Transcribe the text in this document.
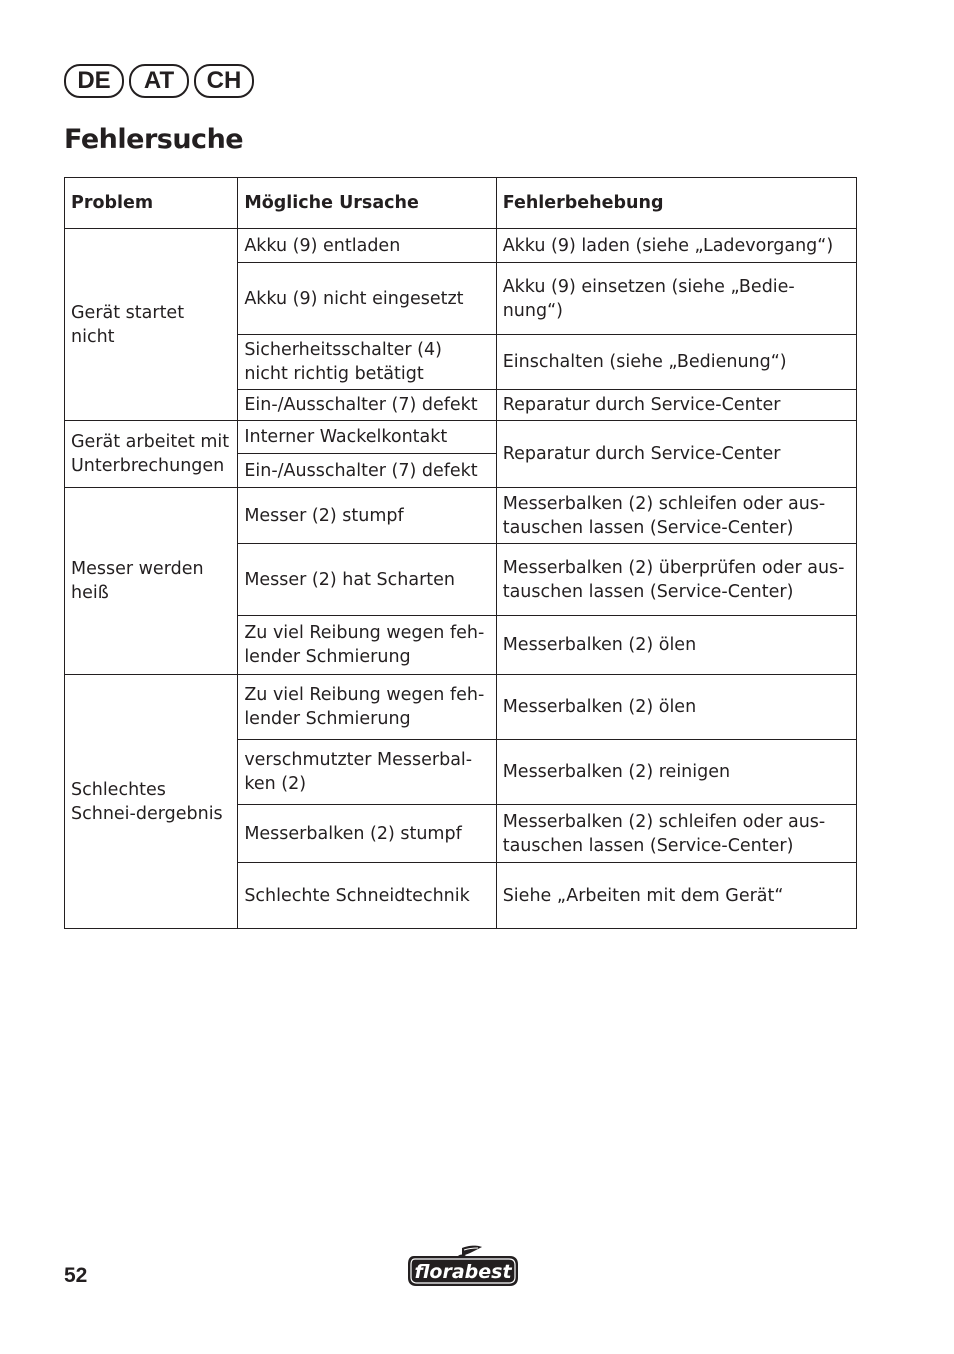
DE	AT	CH
Fehlersuche
Problem	Mögliche Ursache	Fehlerbehebung
Gerät startet nicht	Akku (9) entladen	Akku (9) laden (siehe „Ladevorgang“)
	Akku (9) nicht eingesetzt	Akku (9) einsetzen (siehe „Bedie-nung“)
	Sicherheitsschalter (4) nicht richtig betätigt	Einschalten (siehe „Bedienung“)
	Ein-/Ausschalter (7) defekt	Reparatur durch Service-Center
Gerät arbeitet mit Unterbrechungen	Interner Wackelkontakt	Reparatur durch Service-Center
	Ein-/Ausschalter (7) defekt	
Messer werden heiß	Messer (2) stumpf	Messerbalken (2) schleifen oder aus-tauschen lassen (Service-Center)
	Messer (2) hat Scharten	Messerbalken (2) überprüfen oder aus-tauschen lassen (Service-Center)
	Zu viel Reibung wegen feh-lender Schmierung	Messerbalken (2) ölen
Schlechtes Schnei-dergebnis	Zu viel Reibung wegen feh-lender Schmierung	Messerbalken (2) ölen
	verschmutzter Messerbal-ken (2)	Messerbalken (2) reinigen
	Messerbalken (2) stumpf	Messerbalken (2) schleifen oder aus-tauschen lassen (Service-Center)
	Schlechte Schneidtechnik	Siehe „Arbeiten mit dem Gerät“
52	florabest
